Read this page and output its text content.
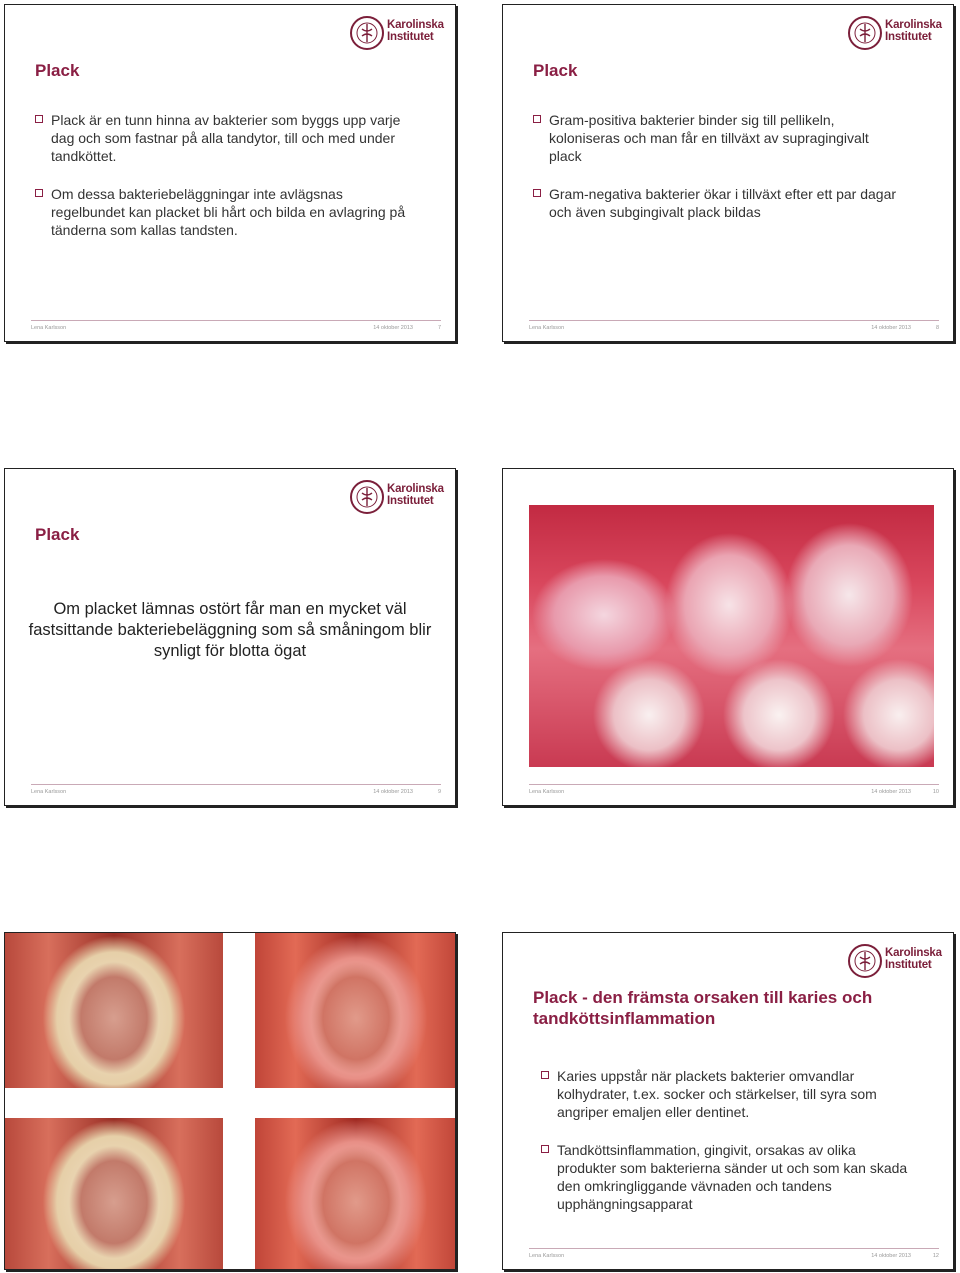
Karolinska
Institutet
Plack
Plack är en tunn hinna av bakterier som byggs upp varje dag och som fastnar på alla tandytor, till och med under tandköttet.
Om dessa bakteriebeläggningar inte avlägsnas regelbundet kan placket bli hårt och bilda en avlagring på tänderna som kallas tandsten.
Lena Karlsson	14 oktober 2013	7
Karolinska
Institutet
Plack
Gram-positiva bakterier binder sig till pellikeln, koloniseras och man får en tillväxt av supragingivalt plack
Gram-negativa bakterier ökar i tillväxt efter ett par dagar och även subgingivalt plack bildas
Lena Karlsson	14 oktober 2013	8
Karolinska
Institutet
Plack
Om placket lämnas ostört får man en mycket väl fastsittande bakteriebeläggning som så småningom blir synligt för blotta ögat
Lena Karlsson	14 oktober 2013	9	Lena Karlsson	14 oktober 2013	10
Karolinska
Institutet
Plack - den främsta orsaken till karies och tandköttsinflammation
Karies uppstår när plackets bakterier omvandlar kolhydrater, t.ex. socker och stärkelser, till syra som angriper emaljen eller dentinet.
Tandköttsinflammation, gingivit, orsakas av olika produkter som bakterierna sänder ut och som kan skada den omkringliggande vävnaden och tandens upphängningsapparat
Lena Karlsson	14 oktober 2013	12
